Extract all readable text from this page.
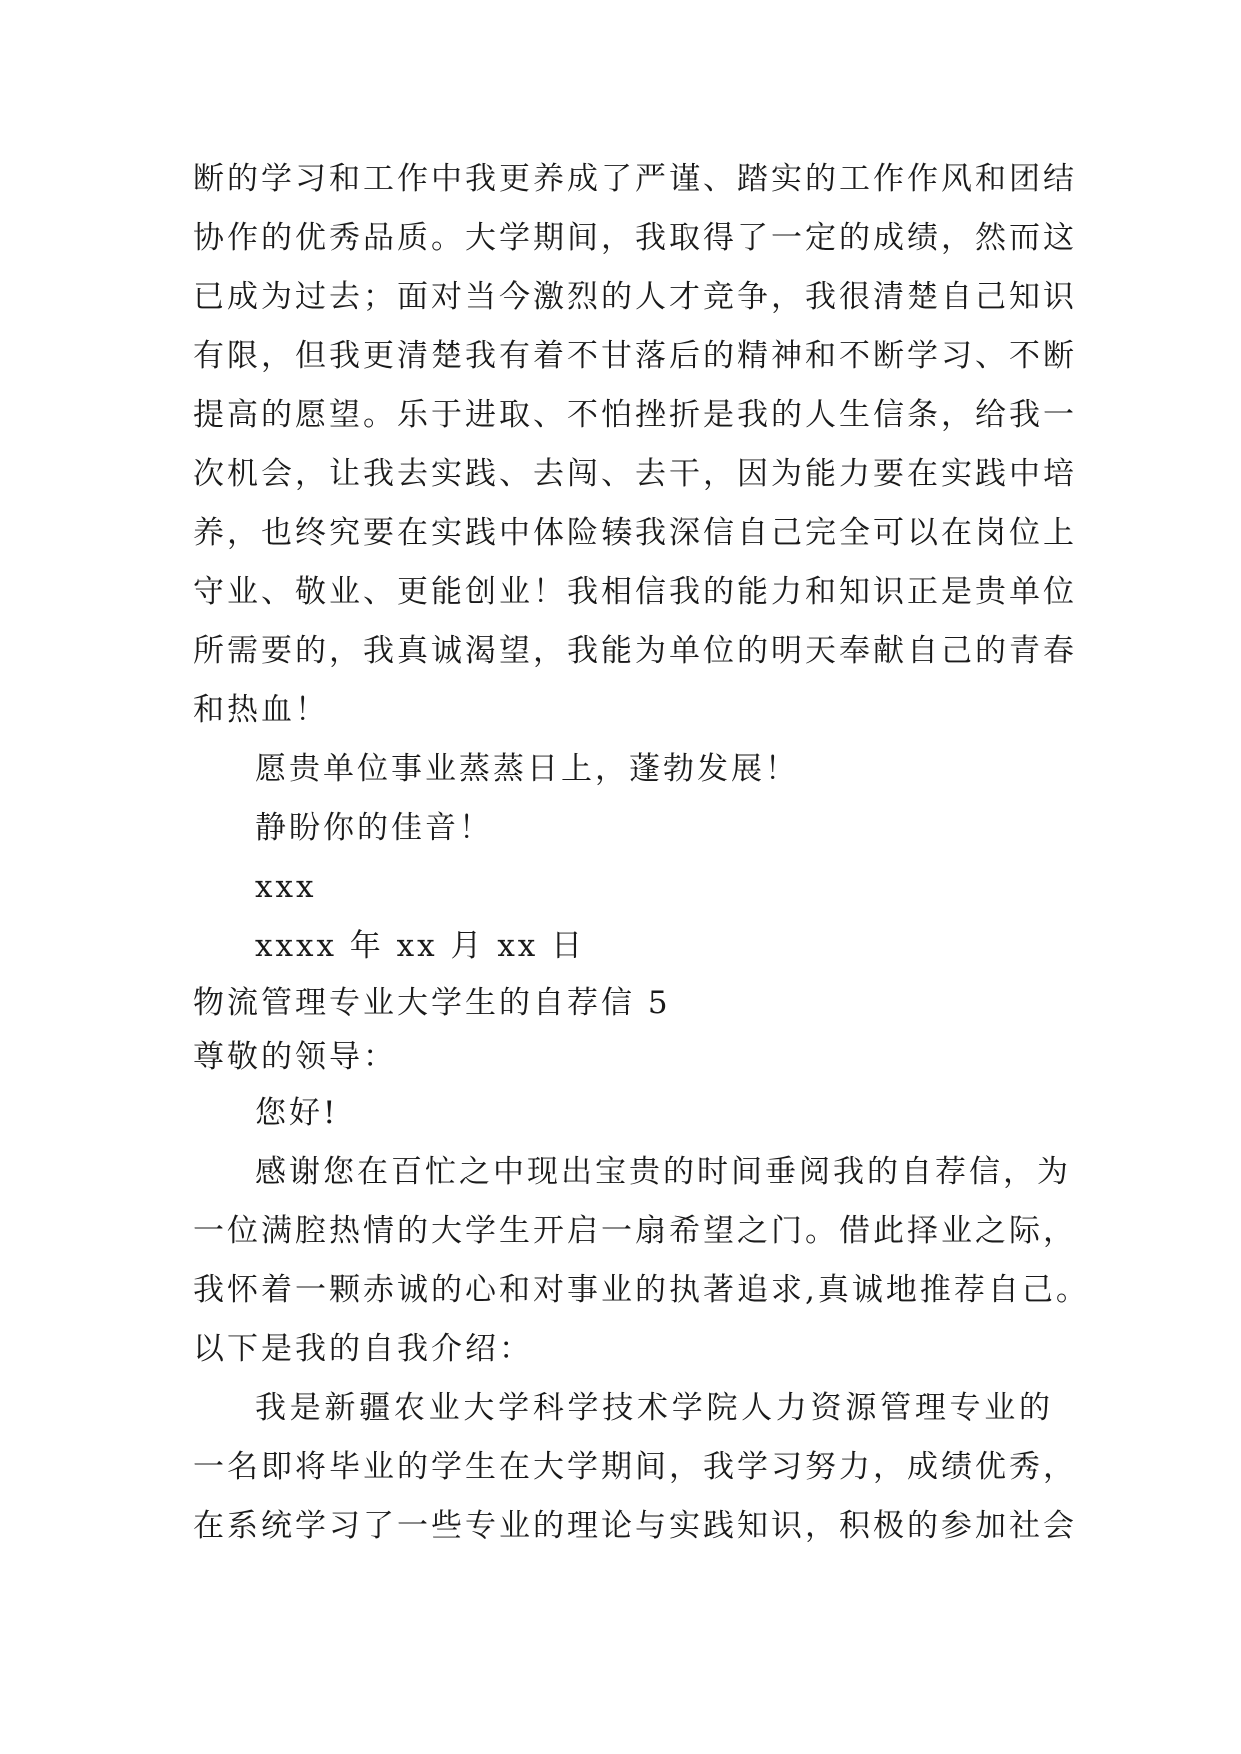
断的学习和工作中我更养成了严谨、踏实的工作作风和团结
协作的优秀品质。大学期间，我取得了一定的成绩，然而这
已成为过去；面对当今激烈的人才竞争，我很清楚自己知识
有限，但我更清楚我有着不甘落后的精神和不断学习、不断
提高的愿望。乐于进取、不怕挫折是我的人生信条，给我一
次机会，让我去实践、去闯、去干，因为能力要在实践中培
养，也终究要在实践中体险辏我深信自己完全可以在岗位上
守业、敬业、更能创业！我相信我的能力和知识正是贵单位
所需要的，我真诚渴望，我能为单位的明天奉献自己的青春
和热血！
愿贵单位事业蒸蒸日上，蓬勃发展！
静盼你的佳音！
xxx
xxxx 年 xx 月 xx 日
物流管理专业大学生的自荐信 5
尊敬的领导：
您好!
感谢您在百忙之中现出宝贵的时间垂阅我的自荐信，为
一位满腔热情的大学生开启一扇希望之门。借此择业之际，
我怀着一颗赤诚的心和对事业的执著追求,真诚地推荐自己。
以下是我的自我介绍：
我是新疆农业大学科学技术学院人力资源管理专业的
一名即将毕业的学生在大学期间，我学习努力，成绩优秀，
在系统学习了一些专业的理论与实践知识，积极的参加社会
